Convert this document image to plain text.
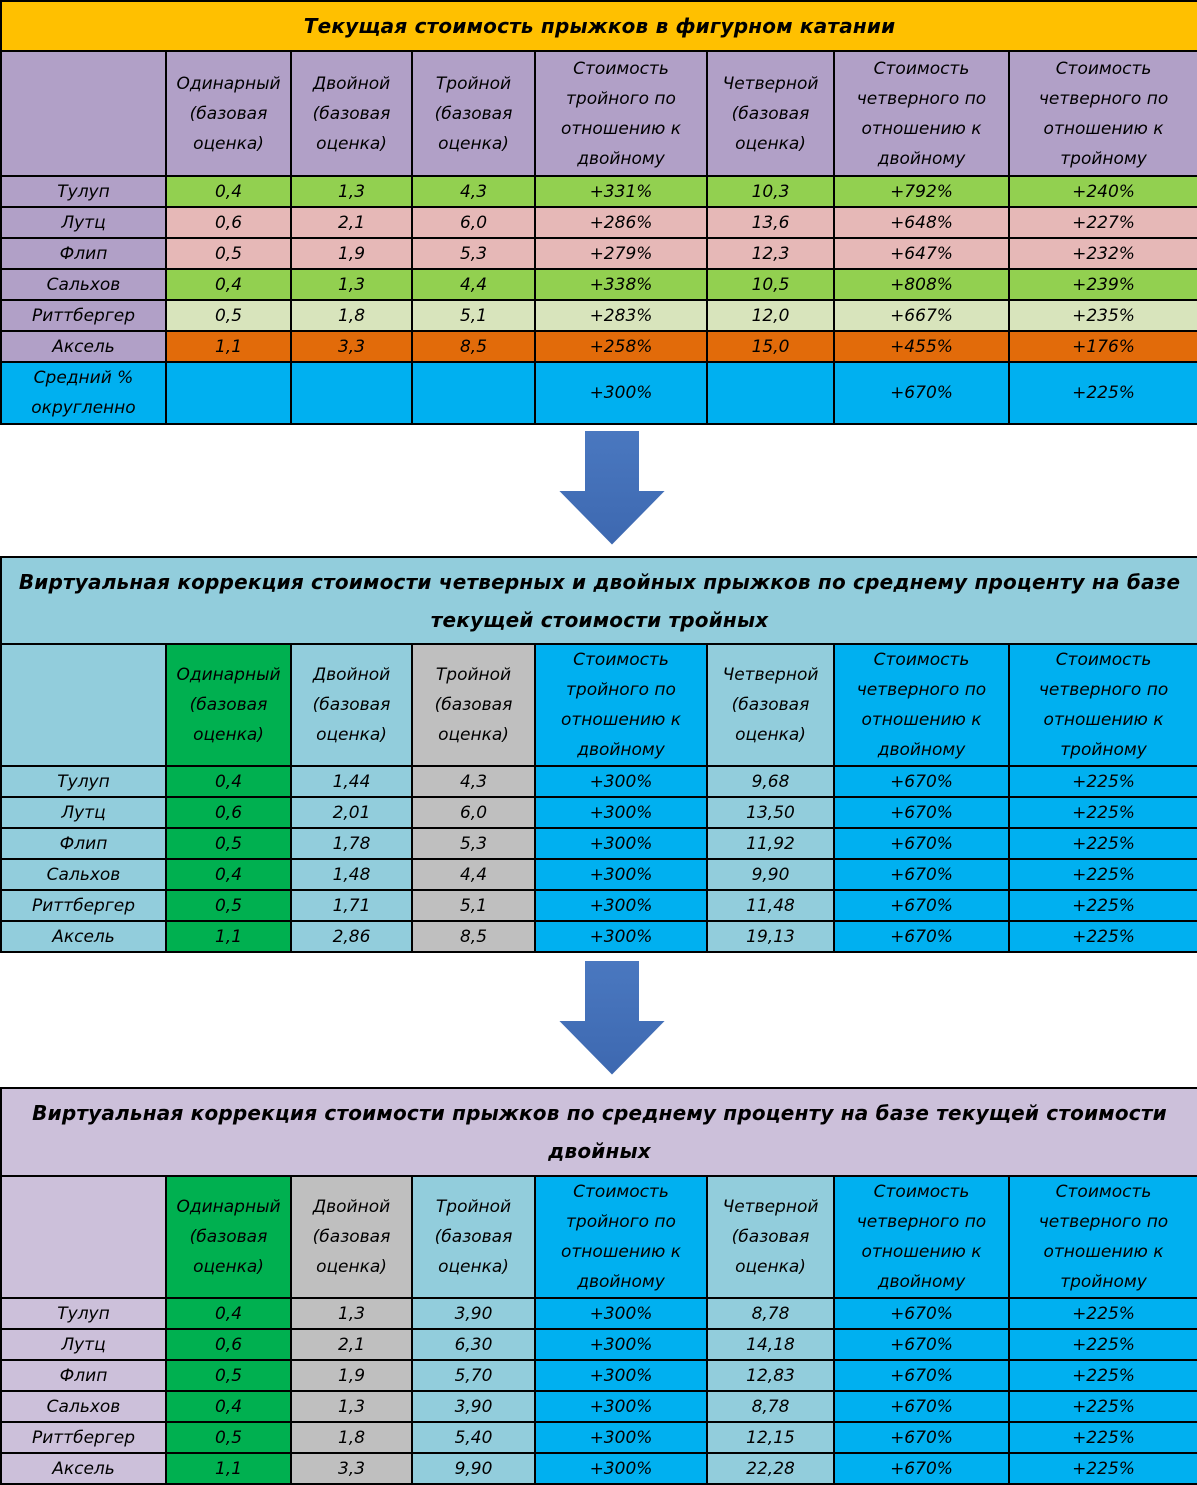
Текущая стоимость прыжков в фигурном катании							
	Одинарный (базовая оценка)	Двойной (базовая оценка)	Тройной (базовая оценка)	Стоимость тройного по отношению к двойному	Четверной (базовая оценка)	Стоимость четверного по отношению к двойному	Стоимость четверного по отношению к тройному
Тулуп	0,4	1,3	4,3	+331%	10,3	+792%	+240%
Лутц	0,6	2,1	6,0	+286%	13,6	+648%	+227%
Флип	0,5	1,9	5,3	+279%	12,3	+647%	+232%
Сальхов	0,4	1,3	4,4	+338%	10,5	+808%	+239%
Риттбергер	0,5	1,8	5,1	+283%	12,0	+667%	+235%
Аксель	1,1	3,3	8,5	+258%	15,0	+455%	+176%
Средний % округленно				+300%		+670%	+225%
Виртуальная коррекция стоимости четверных и двойных прыжков по среднему проценту на базе текущей стоимости тройных							
	Одинарный (базовая оценка)	Двойной (базовая оценка)	Тройной (базовая оценка)	Стоимость тройного по отношению к двойному	Четверной (базовая оценка)	Стоимость четверного по отношению к двойному	Стоимость четверного по отношению к тройному
Тулуп	0,4	1,44	4,3	+300%	9,68	+670%	+225%
Лутц	0,6	2,01	6,0	+300%	13,50	+670%	+225%
Флип	0,5	1,78	5,3	+300%	11,92	+670%	+225%
Сальхов	0,4	1,48	4,4	+300%	9,90	+670%	+225%
Риттбергер	0,5	1,71	5,1	+300%	11,48	+670%	+225%
Аксель	1,1	2,86	8,5	+300%	19,13	+670%	+225%
Виртуальная коррекция стоимости прыжков по среднему проценту на базе текущей стоимости двойных							
	Одинарный (базовая оценка)	Двойной (базовая оценка)	Тройной (базовая оценка)	Стоимость тройного по отношению к двойному	Четверной (базовая оценка)	Стоимость четверного по отношению к двойному	Стоимость четверного по отношению к тройному
Тулуп	0,4	1,3	3,90	+300%	8,78	+670%	+225%
Лутц	0,6	2,1	6,30	+300%	14,18	+670%	+225%
Флип	0,5	1,9	5,70	+300%	12,83	+670%	+225%
Сальхов	0,4	1,3	3,90	+300%	8,78	+670%	+225%
Риттбергер	0,5	1,8	5,40	+300%	12,15	+670%	+225%
Аксель	1,1	3,3	9,90	+300%	22,28	+670%	+225%
